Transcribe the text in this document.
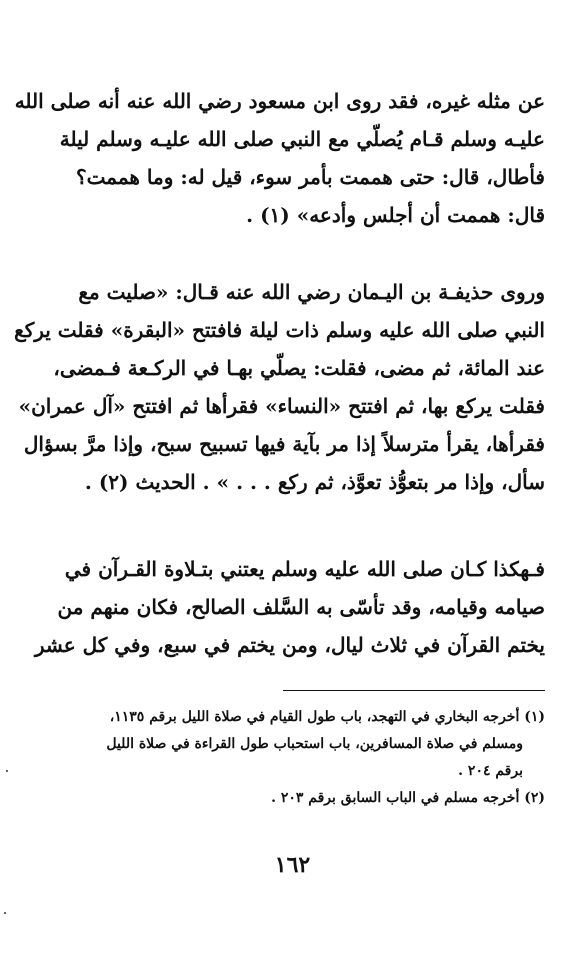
عن مثله غيره، فقد روى ابن مسعود رضي الله عنه أنه صلى الله
عليـه وسلم قـام يُصلّي مع النبي صلى الله عليـه وسلم ليلة
فأطال، قال: حتى هممت بأمر سوء، قيل له: وما هممت؟
قال: هممت أن أجلس وأدعه» (١) .
وروى حذيفـة بن اليـمان رضي الله عنه قـال: «صليت مع
النبي صلى الله عليه وسلم ذات ليلة فافتتح «البقرة» فقلت يركع
عند المائة، ثم مضى، فقلت: يصلّي بهـا في الركـعة فـمضى،
فقلت يركع بها، ثم افتتح «النساء» فقرأها ثم افتتح «آل عمران»
فقرأها، يقرأ مترسلاً إذا مر بآية فيها تسبيح سبح، وإذا مرَّ بسؤال
سأل، وإذا مر بتعوُّذ تعوَّذ، ثم ركع . . . » . الحديث (٢) .
فـهكذا كـان صلى الله عليه وسلم يعتني بتـلاوة القـرآن في
صيامه وقيامه، وقد تأسّى به السَّلف الصالح، فكان منهم من
يختم القرآن في ثلاث ليال، ومن يختم في سبع، وفي كل عشر
(١) أخرجه البخاري في التهجد، باب طول القيام في صلاة الليل برقم ١١٣٥،
ومسلم في صلاة المسافرين، باب استحباب طول القراءة في صلاة الليل
برقم ٢٠٤ .
(٢) أخرجه مسلم في الباب السابق برقم ٢٠٣ .
١٦٢
